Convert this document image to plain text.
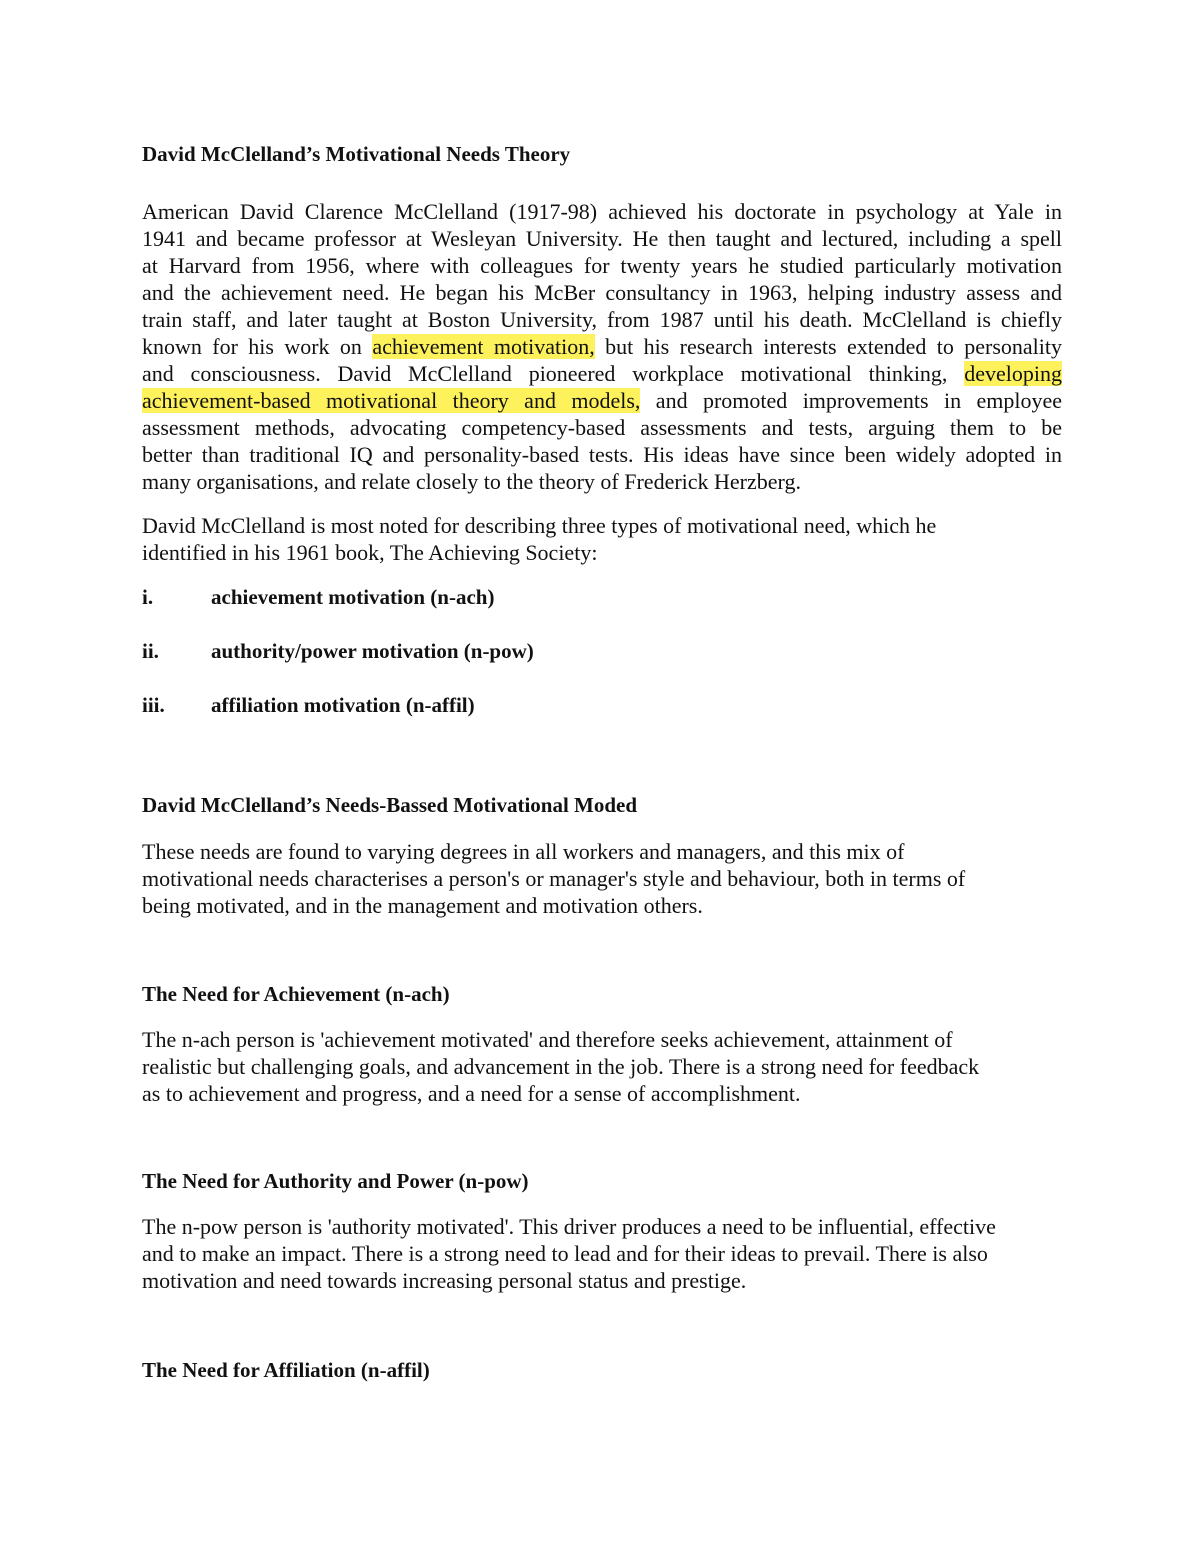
David McClelland’s Motivational Needs Theory
American David Clarence McClelland (1917-98) achieved his doctorate in psychology at Yale in
1941 and became professor at Wesleyan University. He then taught and lectured, including a spell
at Harvard from 1956, where with colleagues for twenty years he studied particularly motivation
and the achievement need. He began his McBer consultancy in 1963, helping industry assess and
train staff, and later taught at Boston University, from 1987 until his death. McClelland is chiefly
known for his work on achievement motivation, but his research interests extended to personality
and consciousness. David McClelland pioneered workplace motivational thinking, developing
achievement-based motivational theory and models, and promoted improvements in employee
assessment methods, advocating competency-based assessments and tests, arguing them to be
better than traditional IQ and personality-based tests. His ideas have since been widely adopted in
many organisations, and relate closely to the theory of Frederick Herzberg.
David McClelland is most noted for describing three types of motivational need, which he
identified in his 1961 book, The Achieving Society:
i.	achievement motivation (n-ach)
ii. authority/power motivation (n-pow)
iii. affiliation motivation (n-affil)
David McClelland’s Needs-Bassed Motivational Moded
These needs are found to varying degrees in all workers and managers, and this mix of
motivational needs characterises a person's or manager's style and behaviour, both in terms of
being motivated, and in the management and motivation others.
The Need for Achievement (n-ach)
The n-ach person is 'achievement motivated' and therefore seeks achievement, attainment of
realistic but challenging goals, and advancement in the job. There is a strong need for feedback
as to achievement and progress, and a need for a sense of accomplishment.
The Need for Authority and Power (n-pow)
The n-pow person is 'authority motivated'. This driver produces a need to be influential, effective
and to make an impact. There is a strong need to lead and for their ideas to prevail. There is also
motivation and need towards increasing personal status and prestige.
The Need for Affiliation (n-affil)
